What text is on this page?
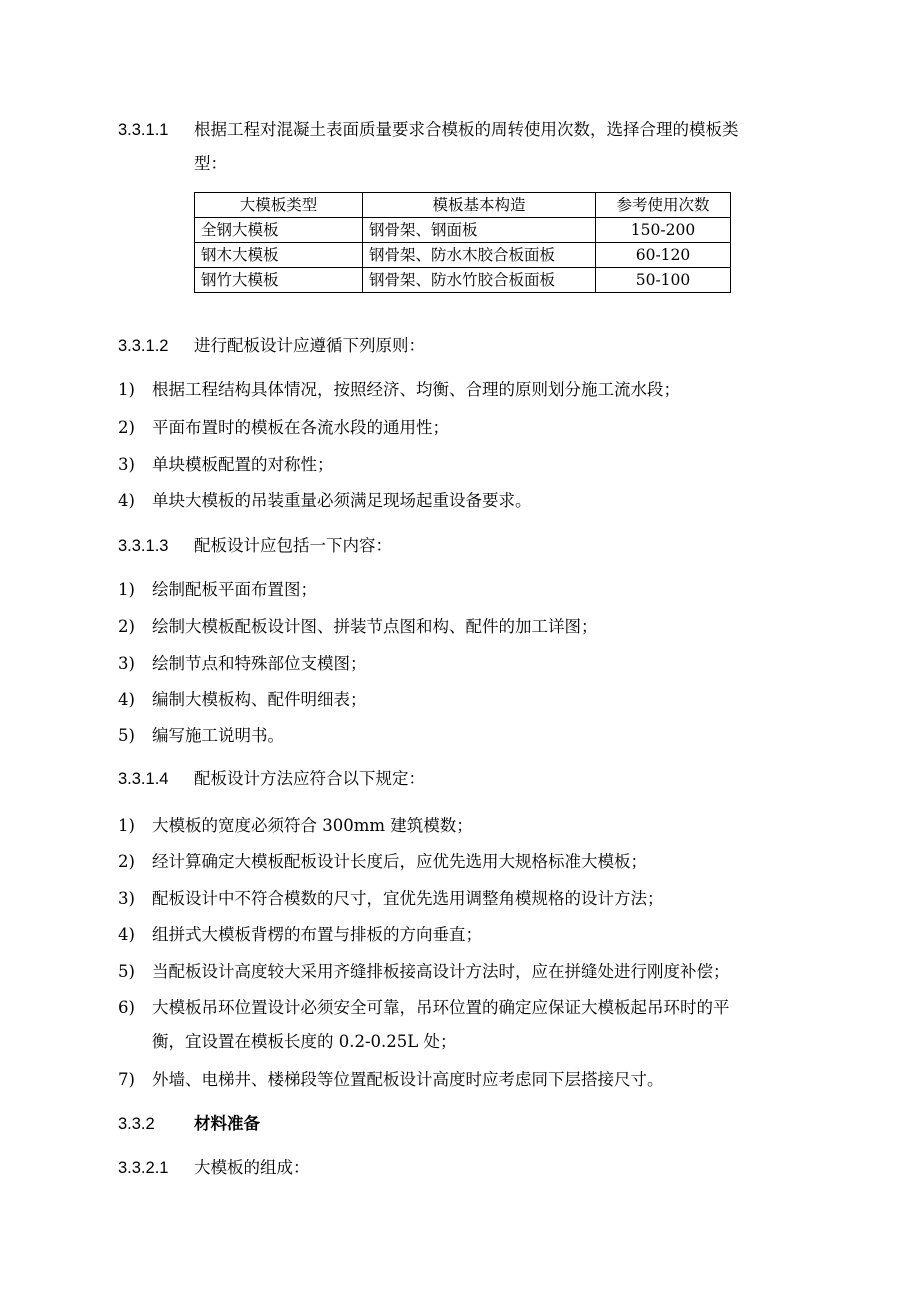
3.3.1.1 根据工程对混凝土表面质量要求合模板的周转使用次数，选择合理的模板类
型：
大模板类型	模板基本构造	参考使用次数
全钢大模板	钢骨架、钢面板	150-200
钢木大模板	钢骨架、防水木胶合板面板	60-120
钢竹大模板	钢骨架、防水竹胶合板面板	50-100
3.3.1.2 进行配板设计应遵循下列原则：
1) 根据工程结构具体情况，按照经济、均衡、合理的原则划分施工流水段；
2) 平面布置时的模板在各流水段的通用性；
3) 单块模板配置的对称性；
4) 单块大模板的吊装重量必须满足现场起重设备要求。
3.3.1.3 配板设计应包括一下内容：
1) 绘制配板平面布置图；
2) 绘制大模板配板设计图、拼装节点图和构、配件的加工详图；
3) 绘制节点和特殊部位支模图；
4) 编制大模板构、配件明细表；
5) 编写施工说明书。
3.3.1.4 配板设计方法应符合以下规定：
1) 大模板的宽度必须符合 300mm 建筑模数；
2) 经计算确定大模板配板设计长度后，应优先选用大规格标准大模板；
3) 配板设计中不符合模数的尺寸，宜优先选用调整角模规格的设计方法；
4) 组拼式大模板背楞的布置与排板的方向垂直；
5) 当配板设计高度较大采用齐缝排板接高设计方法时，应在拼缝处进行刚度补偿；
6) 大模板吊环位置设计必须安全可靠，吊环位置的确定应保证大模板起吊环时的平
衡，宜设置在模板长度的 0.2-0.25L 处；
7) 外墙、电梯井、楼梯段等位置配板设计高度时应考虑同下层搭接尺寸。
3.3.2 材料准备
3.3.2.1 大模板的组成：
